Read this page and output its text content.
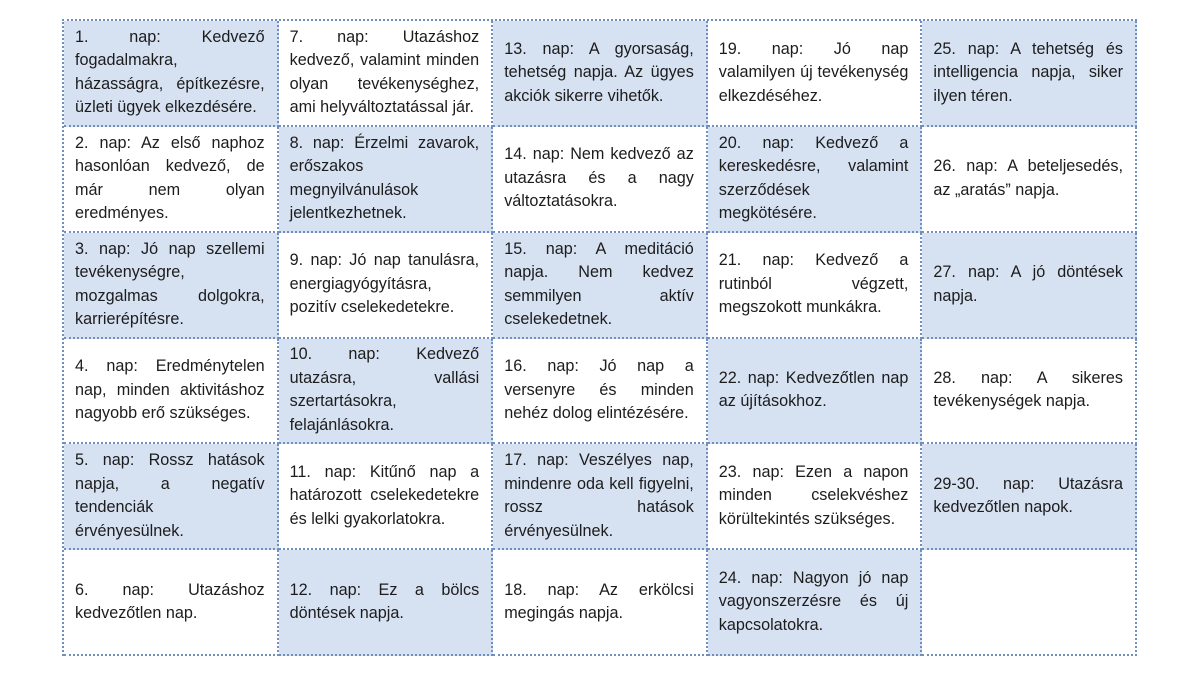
1. nap: Kedvező fogadalmakra, házasságra, építkezésre, üzleti ügyek elkezdésére.
7. nap: Utazáshoz kedvező, valamint minden olyan tevékenységhez, ami helyváltoztatással jár.
13. nap: A gyorsaság, tehetség napja. Az ügyes akciók sikerre vihetők.
19. nap: Jó nap valamilyen új tevékenység elkezdéséhez.
25. nap: A tehetség és intelligencia napja, siker ilyen téren.
2. nap: Az első naphoz hasonlóan kedvező, de már nem olyan eredményes.
8. nap: Érzelmi zavarok, erőszakos megnyilvánulások jelentkezhetnek.
14. nap: Nem kedvező az utazásra és a nagy változtatásokra.
20. nap: Kedvező a kereskedésre, valamint szerződések megkötésére.
26. nap: A beteljesedés, az „aratás” napja.
3. nap: Jó nap szellemi tevékenységre, mozgalmas dolgokra, karrierépítésre.
9. nap: Jó nap tanulásra, energiagyógyításra, pozitív cselekedetekre.
15. nap: A meditáció napja. Nem kedvez semmilyen aktív cselekedetnek.
21. nap: Kedvező a rutinból végzett, megszokott munkákra.
27. nap: A jó döntések napja.
4. nap: Eredménytelen nap, minden aktivitáshoz nagyobb erő szükséges.
10. nap: Kedvező utazásra, vallási szertartásokra, felajánlásokra.
16. nap: Jó nap a versenyre és minden nehéz dolog elintézésére.
22. nap: Kedvezőtlen nap az újításokhoz.
28. nap: A sikeres tevékenységek napja.
5. nap: Rossz hatások napja, a negatív tendenciák érvényesülnek.
11. nap: Kitűnő nap a határozott cselekedetekre és lelki gyakorlatokra.
17. nap: Veszélyes nap, mindenre oda kell figyelni, rossz hatások érvényesülnek.
23. nap: Ezen a napon minden cselekvéshez körültekintés szükséges.
29-30. nap: Utazásra kedvezőtlen napok.
6. nap: Utazáshoz kedvezőtlen nap.
12. nap: Ez a bölcs döntések napja.
18. nap: Az erkölcsi megingás napja.
24. nap: Nagyon jó nap vagyonszerzésre és új kapcsolatokra.
